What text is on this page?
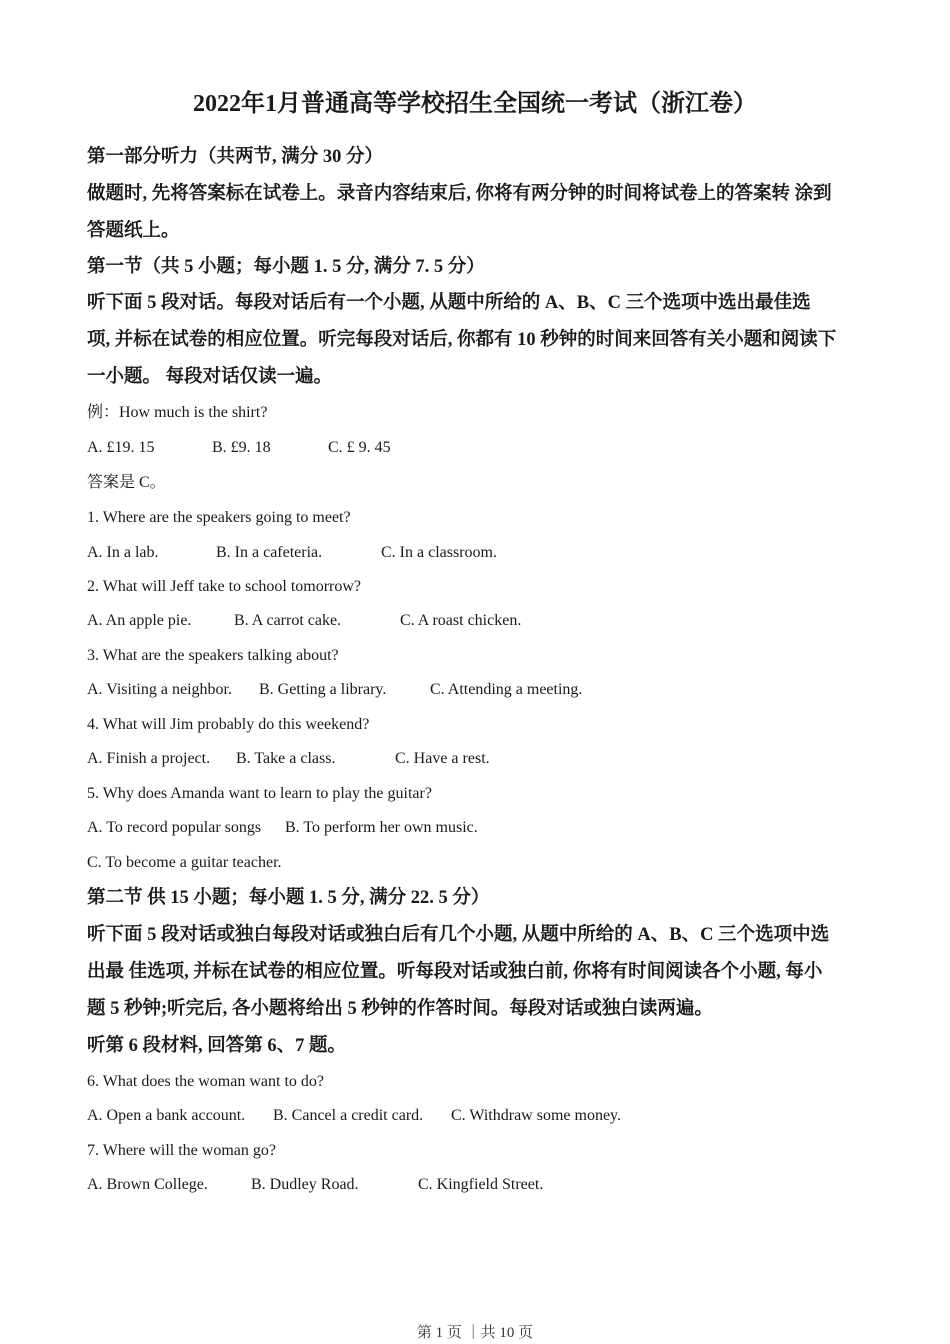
2022年1月普通高等学校招生全国统一考试（浙江卷）
第一部分听力（共两节, 满分 30 分）
做题时, 先将答案标在试卷上。录音内容结束后, 你将有两分钟的时间将试卷上的答案转 涂到
答题纸上。
第一节（共 5 小题；每小题 1. 5 分, 满分 7. 5 分）
听下面 5 段对话。每段对话后有一个小题, 从题中所给的 A、B、C 三个选项中选出最佳选
项, 并标在试卷的相应位置。听完每段对话后, 你都有 10 秒钟的时间来回答有关小题和阅读下
一小题。 每段对话仅读一遍。
例：How much is the shirt?
A. £19. 15	B. £9. 18	C. £ 9. 45
答案是 C。
1. Where are the speakers going to meet?
A. In a lab.	B. In a cafeteria.	C. In a classroom.
2. What will Jeff take to school tomorrow?
A. An apple pie.	B. A carrot cake.	C. A roast chicken.
3. What are the speakers talking about?
A. Visiting a neighbor. B. Getting a library.	C. Attending a meeting.
4. What will Jim probably do this weekend?
A. Finish a project. B. Take a class.	C. Have a rest.
5. Why does Amanda want to learn to play the guitar?
A. To record popular songs B. To perform her own music.
C. To become a guitar teacher.
第二节 供 15 小题；每小题 1. 5 分, 满分 22. 5 分）
听下面 5 段对话或独白每段对话或独白后有几个小题, 从题中所给的 A、B、C 三个选项中选
出最 佳选项, 并标在试卷的相应位置。听每段对话或独白前, 你将有时间阅读各个小题, 每小
题 5 秒钟;听完后, 各小题将给出 5 秒钟的作答时间。每段对话或独白读两遍。
听第 6 段材料, 回答第 6、7 题。
6. What does the woman want to do?
A. Open a bank account. B. Cancel a credit card. C. Withdraw some money.
7. Where will the woman go?
A. Brown College.	B. Dudley Road.	C. Kingfield Street.
第 1 页 ｜共 10 页
